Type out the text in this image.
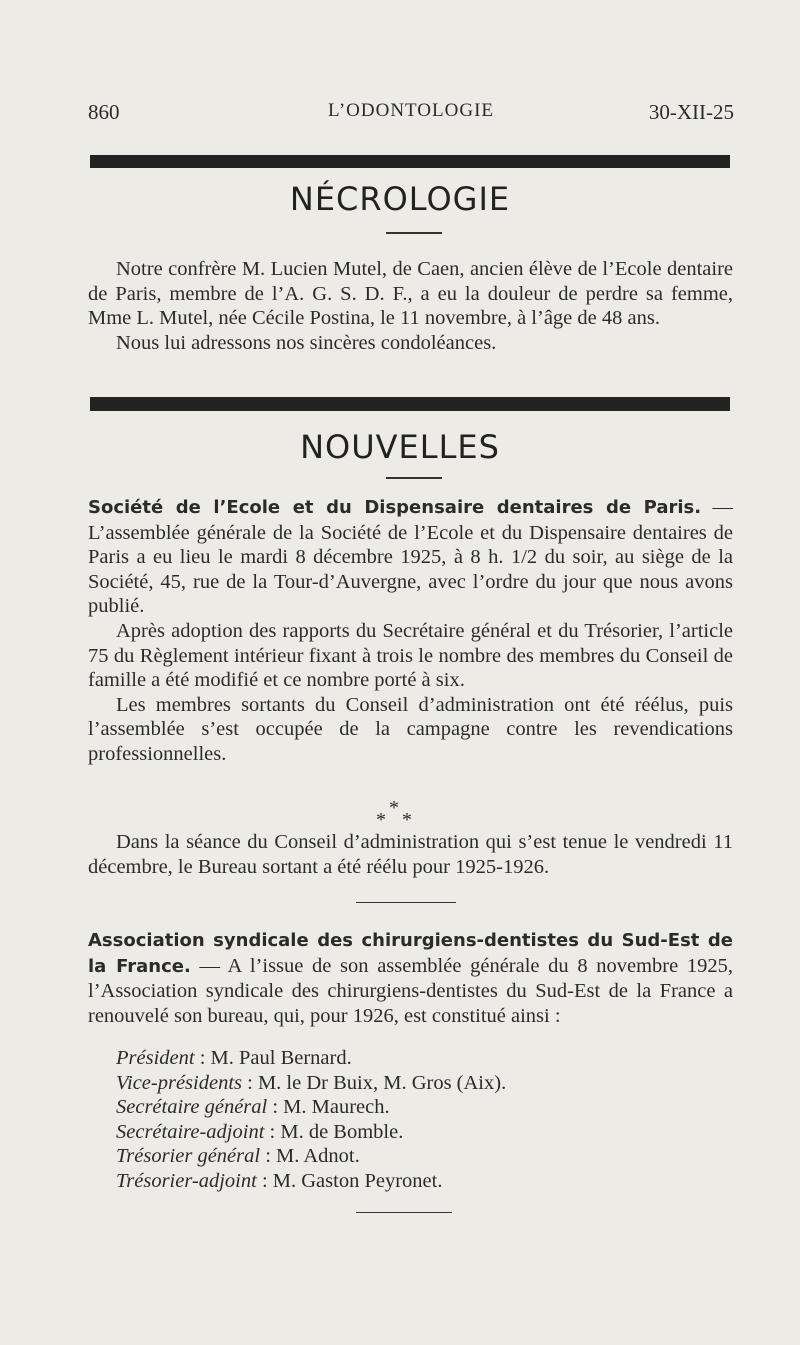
860	L’ODONTOLOGIE	30-XII-25
NÉCROLOGIE

Notre confrère M. Lucien Mutel, de Caen, ancien élève de l’Ecole dentaire de Paris, membre de l’A. G. S. D. F., a eu la douleur de perdre sa femme, Mme L. Mutel, née Cécile Postina, le 11 novembre, à l’âge de 48 ans.

Nous lui adressons nos sincères condoléances.

NOUVELLES

Société de l’Ecole et du Dispensaire dentaires de Paris. — L’assemblée générale de la Société de l’Ecole et du Dispensaire dentaires de Paris a eu lieu le mardi 8 décembre 1925, à 8 h. 1/2 du soir, au siège de la Société, 45, rue de la Tour-d’Auvergne, avec l’ordre du jour que nous avons publié.

Après adoption des rapports du Secrétaire général et du Trésorier, l’article 75 du Règlement intérieur fixant à trois le nombre des membres du Conseil de famille a été modifié et ce nombre porté à six.

Les membres sortants du Conseil d’administration ont été réélus, puis l’assemblée s’est occupée de la campagne contre les revendications professionnelles.

*
* *

Dans la séance du Conseil d’administration qui s’est tenue le vendredi 11 décembre, le Bureau sortant a été réélu pour 1925-1926.

Association syndicale des chirurgiens-dentistes du Sud-Est de la France. — A l’issue de son assemblée générale du 8 novembre 1925, l’Association syndicale des chirurgiens-dentistes du Sud-Est de la France a renouvelé son bureau, qui, pour 1926, est constitué ainsi :

Président : M. Paul Bernard.
Vice-présidents : M. le Dr Buix, M. Gros (Aix).
Secrétaire général : M. Maurech.
Secrétaire-adjoint : M. de Bomble.
Trésorier général : M. Adnot.
Trésorier-adjoint : M. Gaston Peyronet.
